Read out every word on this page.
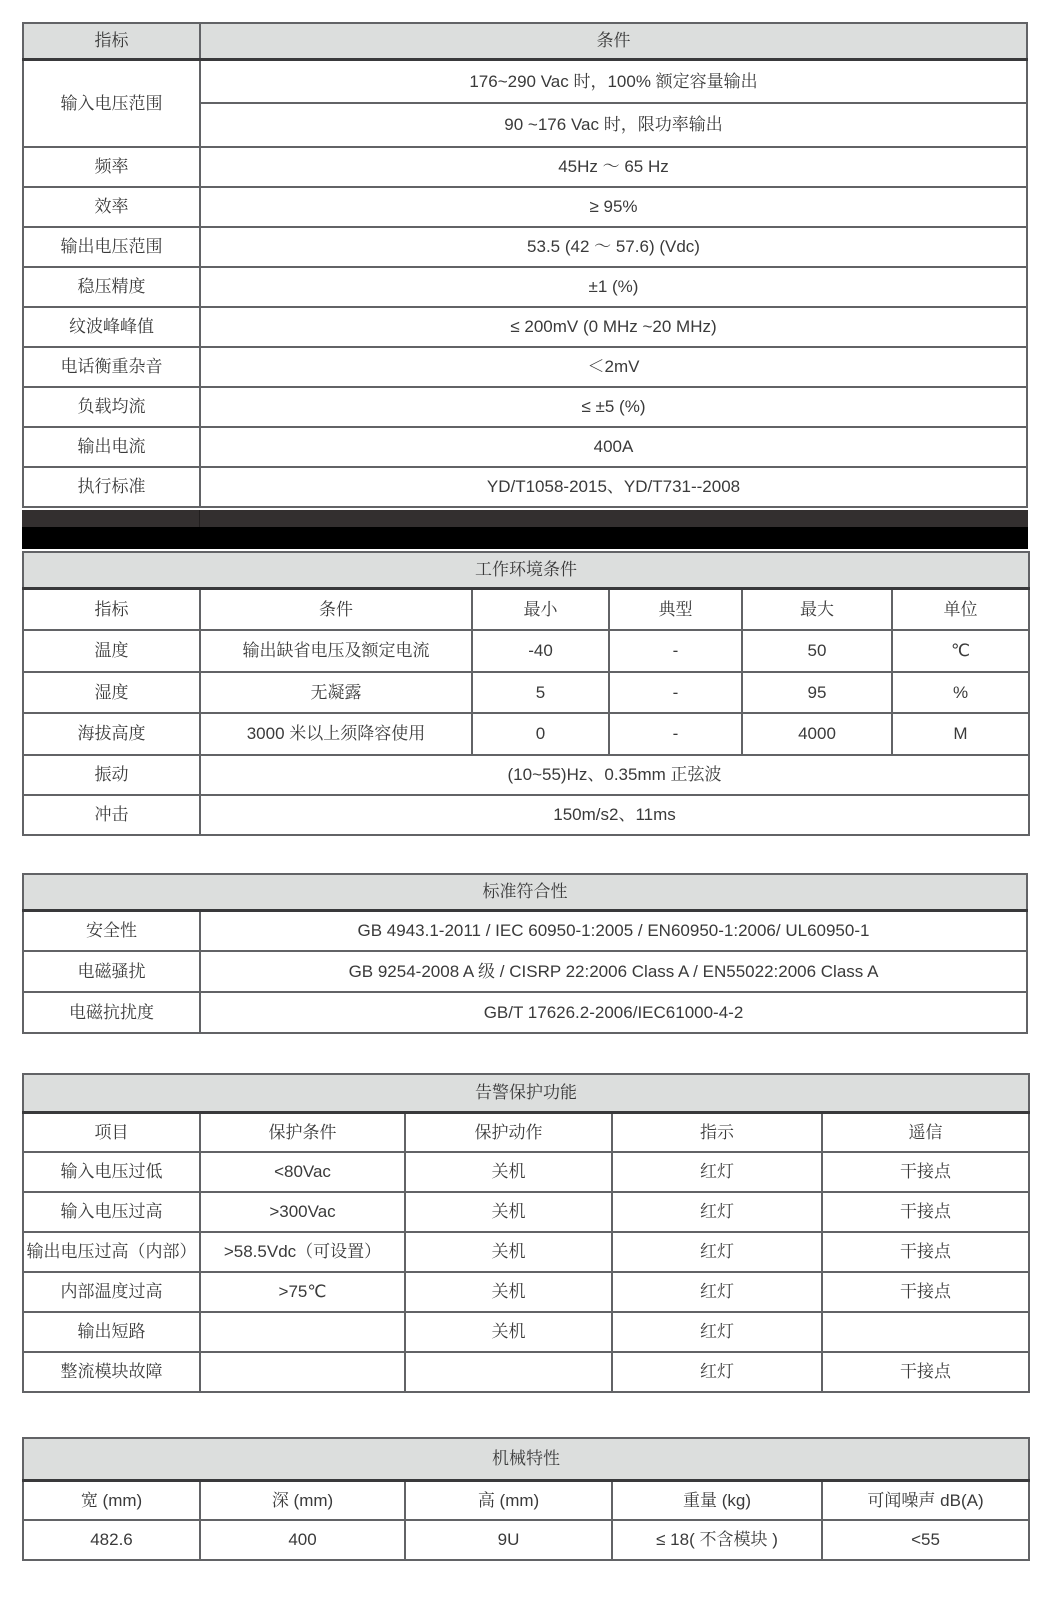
指标	条件
输入电压范围	176~290 Vac 时，100% 额定容量输出
	90 ~176 Vac 时，限功率输出
频率	45Hz ～ 65 Hz
效率	≥ 95%
输出电压范围	53.5 (42 ～ 57.6) (Vdc)
稳压精度	±1 (%)
纹波峰峰值	≤ 200mV (0 MHz ~20 MHz)
电话衡重杂音	＜2mV
负载均流	≤ ±5 (%)
输出电流	400A
执行标准	YD/T1058-2015、YD/T731--2008
工作环境条件					
指标	条件	最小	典型	最大	单位
温度	输出缺省电压及额定电流	-40	-	50	℃
湿度	无凝露	5	-	95	%
海拔高度	3000 米以上须降容使用	0	-	4000	M
振动	(10~55)Hz、0.35mm 正弦波				
冲击	150m/s2、11ms				
标准符合性	
安全性	GB 4943.1-2011 / IEC 60950-1:2005 / EN60950-1:2006/ UL60950-1
电磁骚扰	GB 9254-2008 A 级 / CISRP 22:2006 Class A / EN55022:2006 Class A
电磁抗扰度	GB/T 17626.2-2006/IEC61000-4-2
告警保护功能				
项目	保护条件	保护动作	指示	遥信
输入电压过低	<80Vac	关机	红灯	干接点
输入电压过高	>300Vac	关机	红灯	干接点
输出电压过高（内部）	>58.5Vdc（可设置）	关机	红灯	干接点
内部温度过高	>75℃	关机	红灯	干接点
输出短路		关机	红灯	
整流模块故障			红灯	干接点
机械特性				
宽 (mm)	深 (mm)	高 (mm)	重量 (kg)	可闻噪声 dB(A)
482.6	400	9U	≤ 18( 不含模块 )	<55
